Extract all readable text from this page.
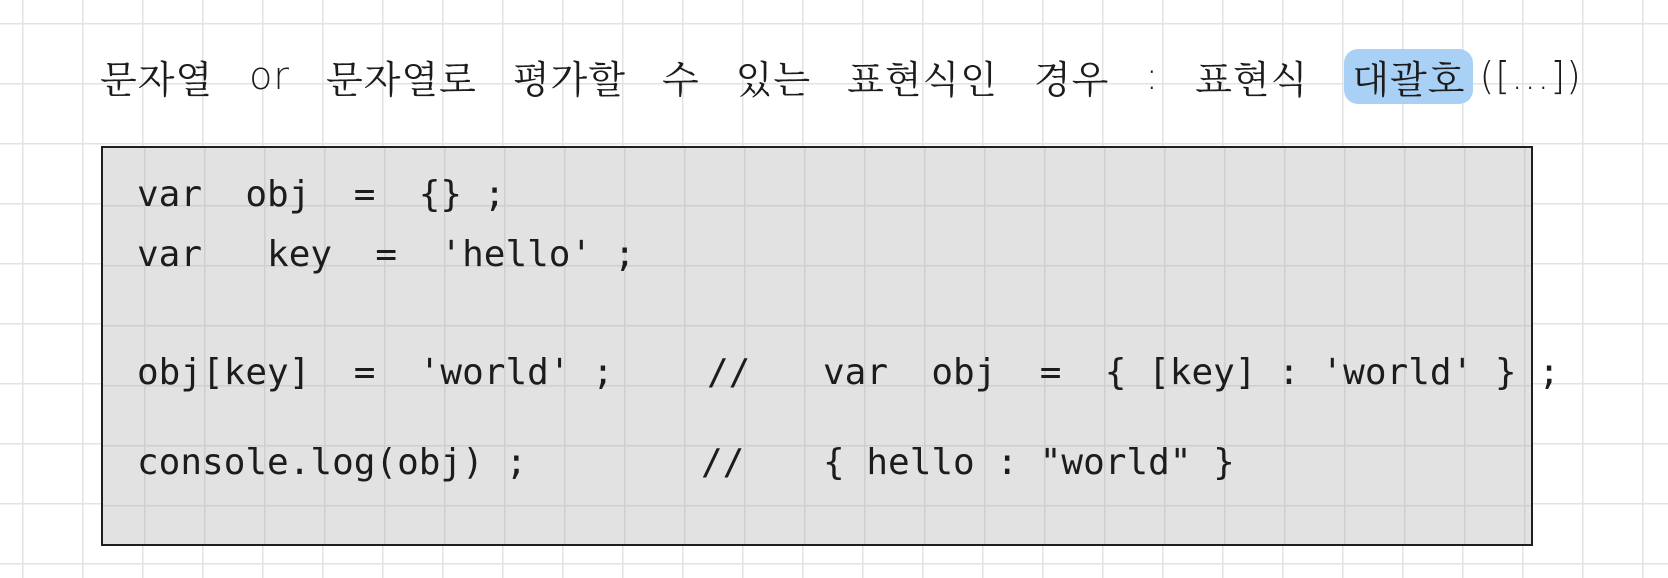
문자열 or 문자열로 평가할 수 있는 표현식인 경우 : 표현식 대괄호 ([...])
var  obj  =  {} ;
var   key  =  'hello' ;
obj[key]  =  'world' ;	// var  obj  =  { [key] : 'world' } ;
console.log(obj) ;	// { hello : "world" }
